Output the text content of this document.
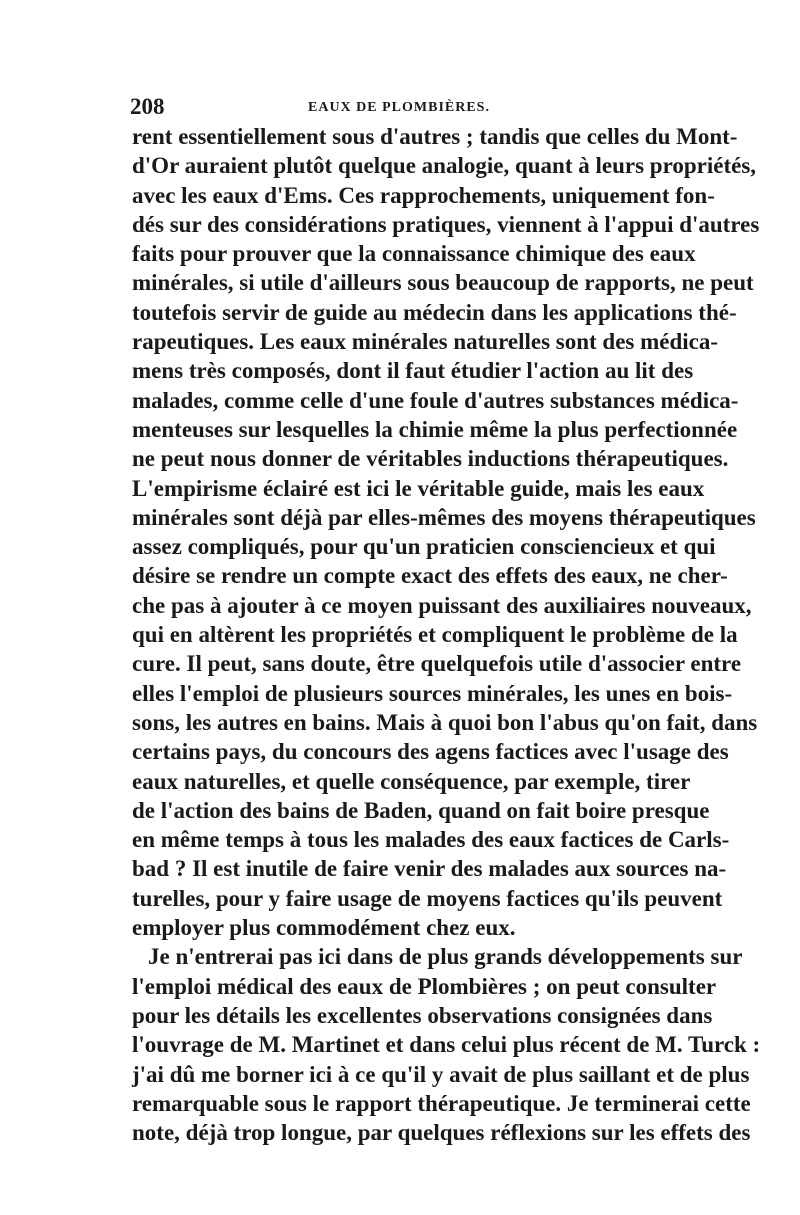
208	EAUX DE PLOMBIÈRES.
rent essentiellement sous d'autres ; tandis que celles du Mont-
d'Or auraient plutôt quelque analogie, quant à leurs propriétés,
avec les eaux d'Ems. Ces rapprochements, uniquement fon-
dés sur des considérations pratiques, viennent à l'appui d'autres
faits pour prouver que la connaissance chimique des eaux
minérales, si utile d'ailleurs sous beaucoup de rapports, ne peut
toutefois servir de guide au médecin dans les applications thé-
rapeutiques. Les eaux minérales naturelles sont des médica-
mens très composés, dont il faut étudier l'action au lit des
malades, comme celle d'une foule d'autres substances médica-
menteuses sur lesquelles la chimie même la plus perfectionnée
ne peut nous donner de véritables inductions thérapeutiques.
L'empirisme éclairé est ici le véritable guide, mais les eaux
minérales sont déjà par elles-mêmes des moyens thérapeutiques
assez compliqués, pour qu'un praticien consciencieux et qui
désire se rendre un compte exact des effets des eaux, ne cher-
che pas à ajouter à ce moyen puissant des auxiliaires nouveaux,
qui en altèrent les propriétés et compliquent le problème de la
cure. Il peut, sans doute, être quelquefois utile d'associer entre
elles l'emploi de plusieurs sources minérales, les unes en bois-
sons, les autres en bains. Mais à quoi bon l'abus qu'on fait, dans
certains pays, du concours des agens factices avec l'usage des
eaux naturelles, et quelle conséquence, par exemple, tirer
de l'action des bains de Baden, quand on fait boire presque
en même temps à tous les malades des eaux factices de Carls-
bad ? Il est inutile de faire venir des malades aux sources na-
turelles, pour y faire usage de moyens factices qu'ils peuvent
employer plus commodément chez eux.
Je n'entrerai pas ici dans de plus grands développements sur
l'emploi médical des eaux de Plombières ; on peut consulter
pour les détails les excellentes observations consignées dans
l'ouvrage de M. Martinet et dans celui plus récent de M. Turck :
j'ai dû me borner ici à ce qu'il y avait de plus saillant et de plus
remarquable sous le rapport thérapeutique. Je terminerai cette
note, déjà trop longue, par quelques réflexions sur les effets des
